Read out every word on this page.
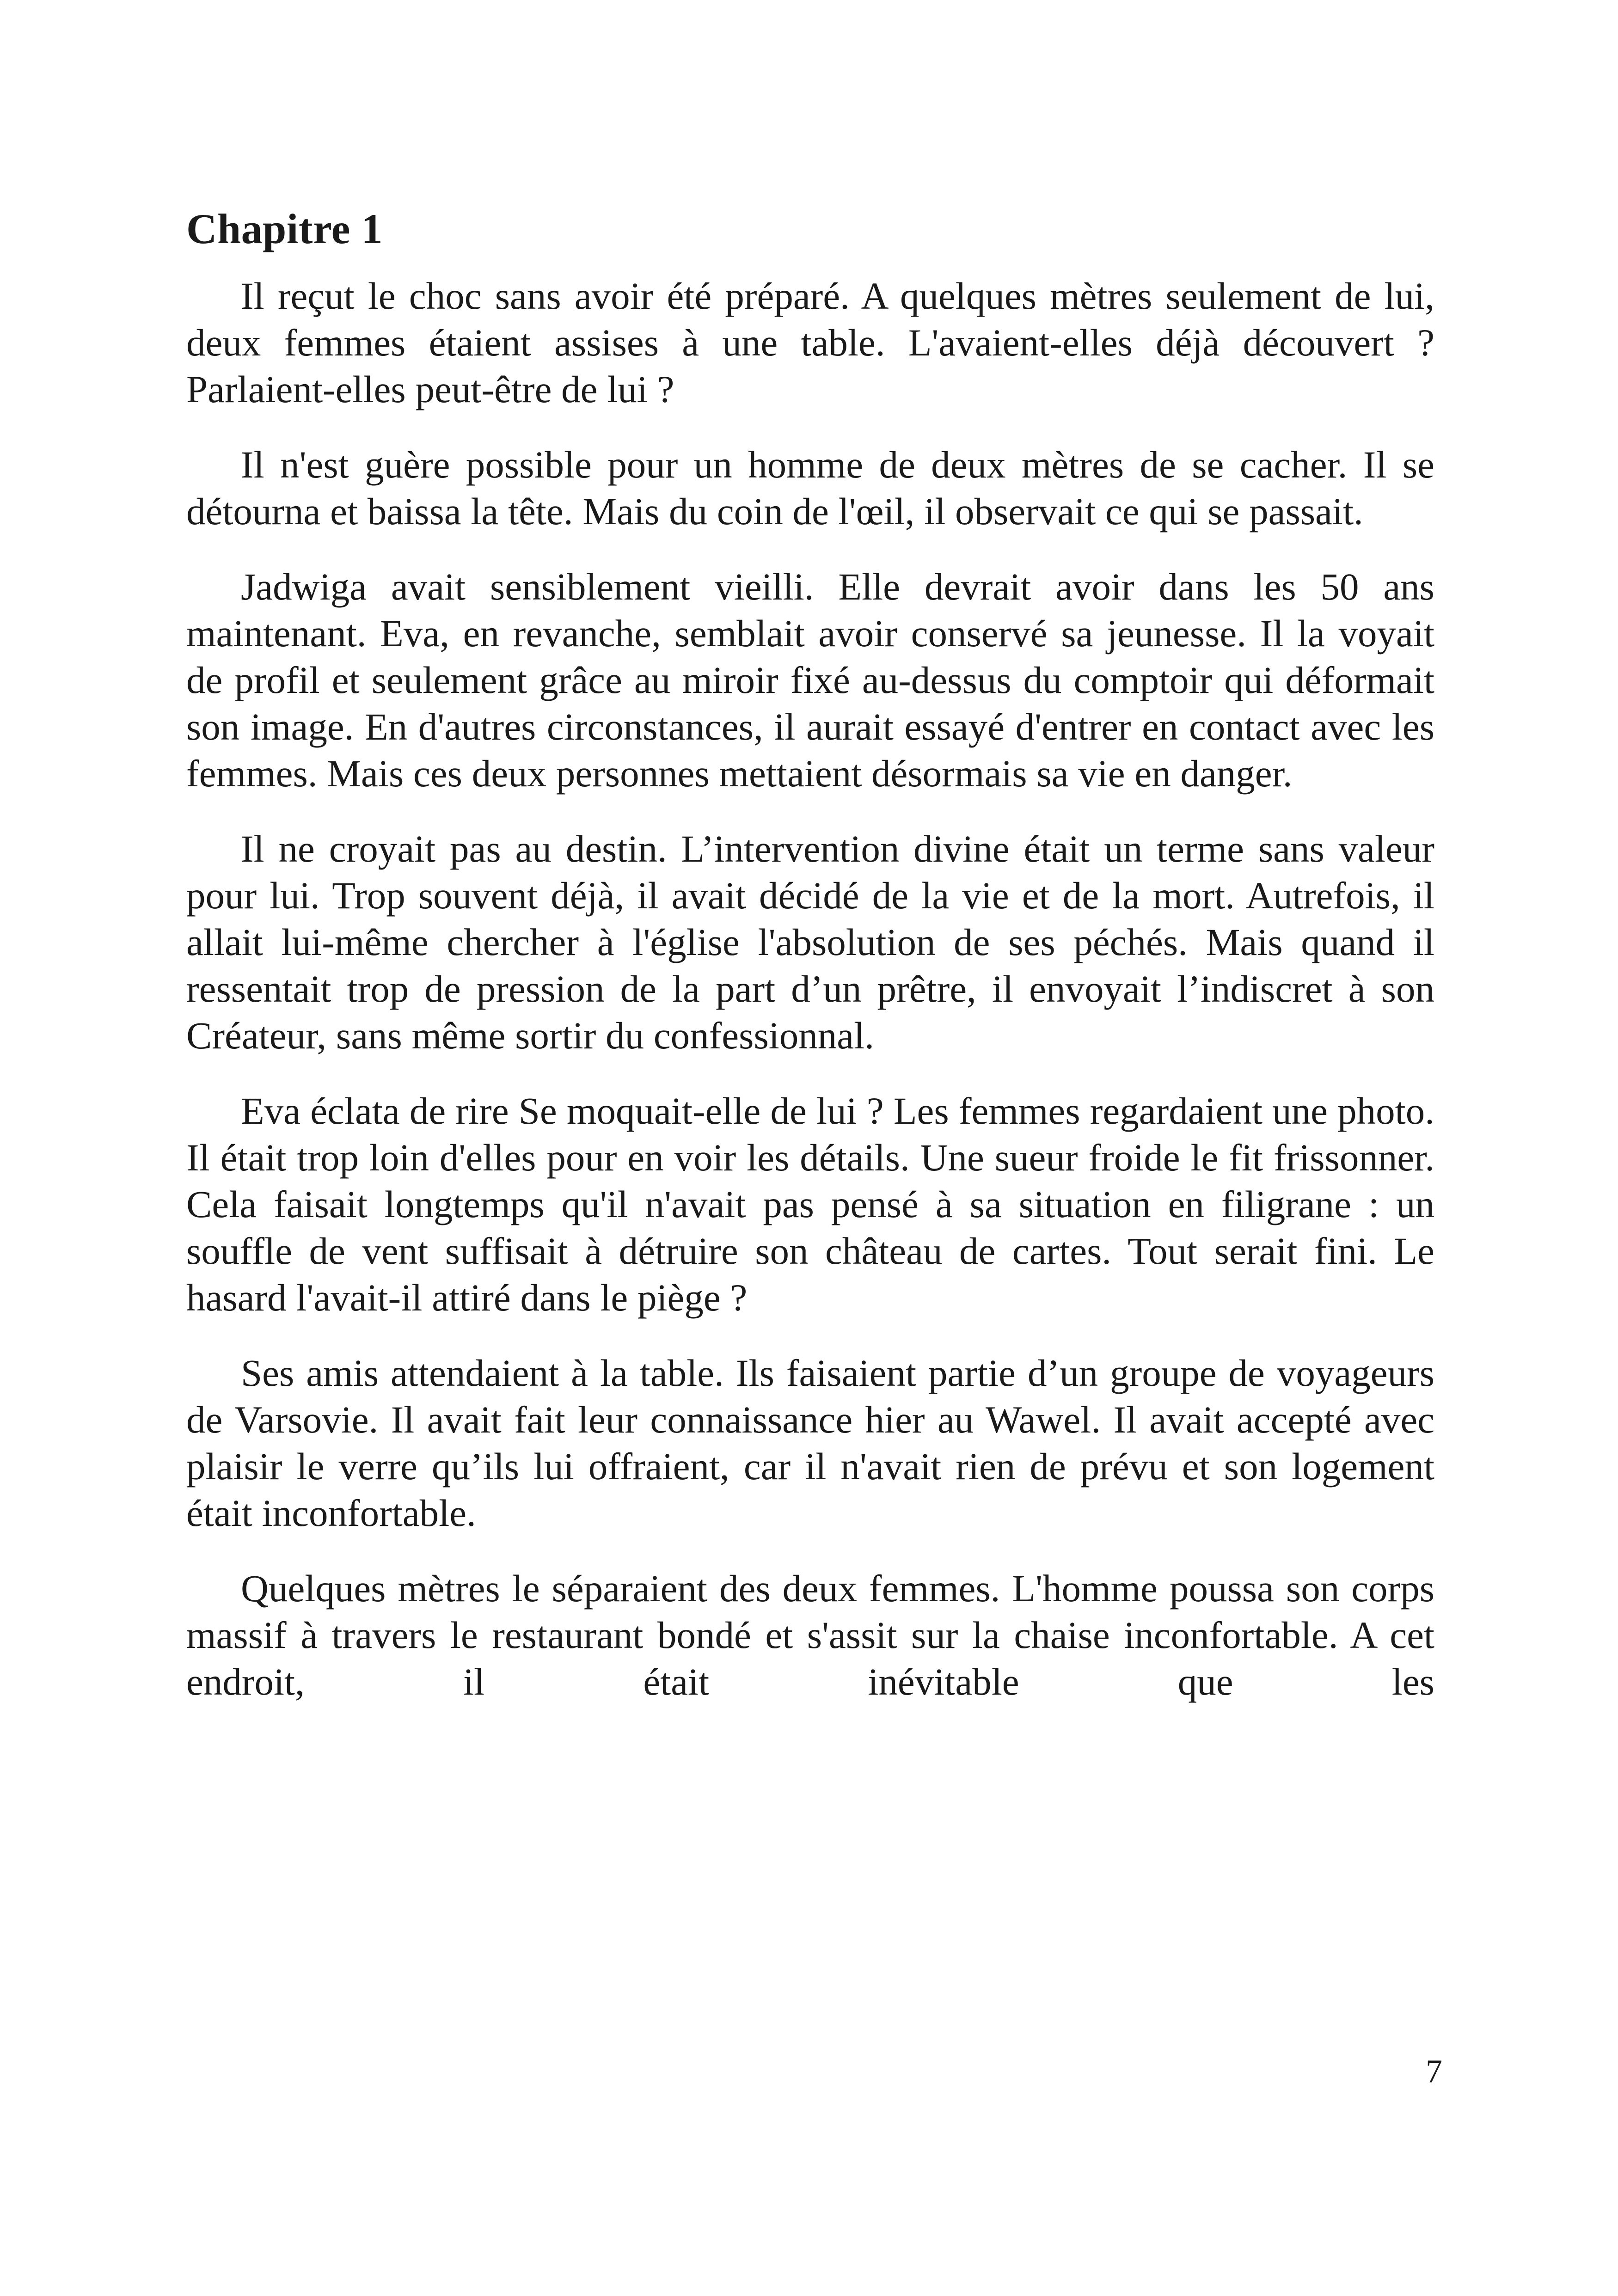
Chapitre 1

Il reçut le choc sans avoir été préparé. A quelques mètres seulement de lui, deux femmes étaient assises à une table. L'avaient-elles déjà découvert ? Parlaient-elles peut-être de lui ?

Il n'est guère possible pour un homme de deux mètres de se cacher. Il se détourna et baissa la tête. Mais du coin de l'œil, il observait ce qui se passait.

Jadwiga avait sensiblement vieilli. Elle devrait avoir dans les 50 ans maintenant. Eva, en revanche, semblait avoir conservé sa jeunesse. Il la voyait de profil et seulement grâce au miroir fixé au-dessus du comptoir qui déformait son image. En d'autres circonstances, il aurait essayé d'entrer en contact avec les femmes. Mais ces deux personnes mettaient désormais sa vie en danger.

Il ne croyait pas au destin. L’intervention divine était un terme sans valeur pour lui. Trop souvent déjà, il avait décidé de la vie et de la mort. Autrefois, il allait lui-même chercher à l'église l'absolution de ses péchés. Mais quand il ressentait trop de pression de la part d’un prêtre, il envoyait l’indiscret à son Créateur, sans même sortir du confessionnal.

Eva éclata de rire Se moquait-elle de lui ? Les femmes regardaient une photo. Il était trop loin d'elles pour en voir les détails. Une sueur froide le fit frissonner. Cela faisait longtemps qu'il n'avait pas pensé à sa situation en filigrane : un souffle de vent suffisait à détruire son château de cartes. Tout serait fini. Le hasard l'avait-il attiré dans le piège ?

Ses amis attendaient à la table. Ils faisaient partie d’un groupe de voyageurs de Varsovie. Il avait fait leur connaissance hier au Wawel. Il avait accepté avec plaisir le verre qu’ils lui offraient, car il n'avait rien de prévu et son logement était inconfortable.

Quelques mètres le séparaient des deux femmes. L'homme poussa son corps massif à travers le restaurant bondé et s'assit sur la chaise inconfortable. A cet endroit, il était inévitable que les

7
